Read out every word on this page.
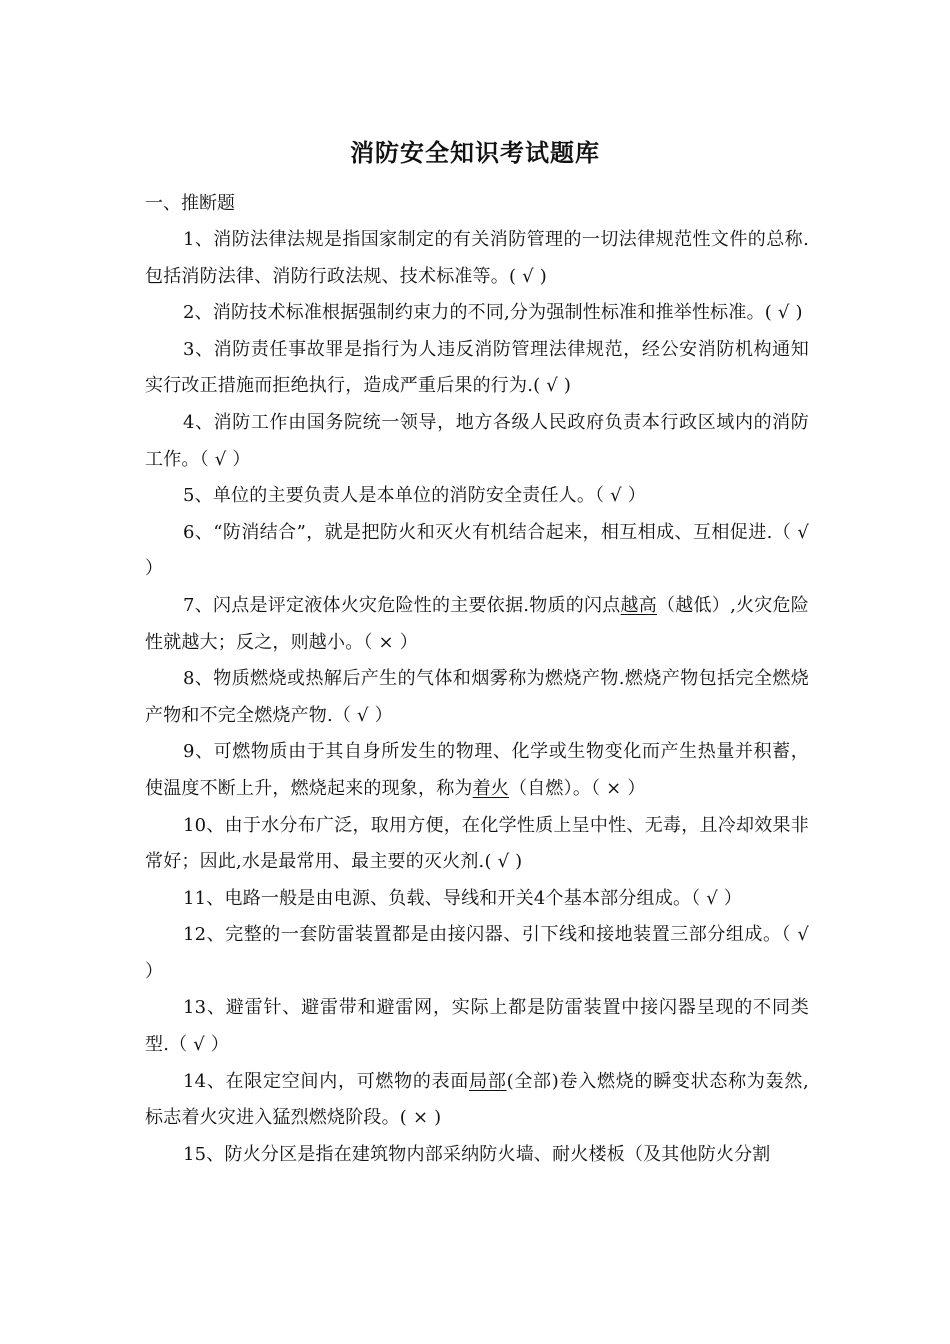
消防安全知识考试题库
一、推断题

1、消防法律法规是指国家制定的有关消防管理的一切法律规范性文件的总称.包括消防法律、消防行政法规、技术标准等。( √ )

2、消防技术标准根据强制约束力的不同,分为强制性标准和推举性标准。( √ )

3、消防责任事故罪是指行为人违反消防管理法律规范，经公安消防机构通知实行改正措施而拒绝执行，造成严重后果的行为.( √ )

4、消防工作由国务院统一领导，地方各级人民政府负责本行政区域内的消防工作。（ √ ）

5、单位的主要负责人是本单位的消防安全责任人。（ √ ）

6、“防消结合”，就是把防火和灭火有机结合起来，相互相成、互相促进.（ √ ）

7、闪点是评定液体火灾危险性的主要依据.物质的闪点越高（越低）,火灾危险性就越大；反之，则越小。（ × ）

8、物质燃烧或热解后产生的气体和烟雾称为燃烧产物.燃烧产物包括完全燃烧产物和不完全燃烧产物.（ √ ）

9、可燃物质由于其自身所发生的物理、化学或生物变化而产生热量并积蓄，使温度不断上升，燃烧起来的现象，称为着火（自燃）。（ × ）

10、由于水分布广泛，取用方便，在化学性质上呈中性、无毒，且冷却效果非常好；因此,水是最常用、最主要的灭火剂.( √ )

11、电路一般是由电源、负载、导线和开关4个基本部分组成。（ √ ）

12、完整的一套防雷装置都是由接闪器、引下线和接地装置三部分组成。（ √ ）

13、避雷针、避雷带和避雷网，实际上都是防雷装置中接闪器呈现的不同类型.（ √ ）

14、在限定空间内，可燃物的表面局部(全部)卷入燃烧的瞬变状态称为轰然,标志着火灾进入猛烈燃烧阶段。( × )

15、防火分区是指在建筑物内部采纳防火墙、耐火楼板（及其他防火分割
